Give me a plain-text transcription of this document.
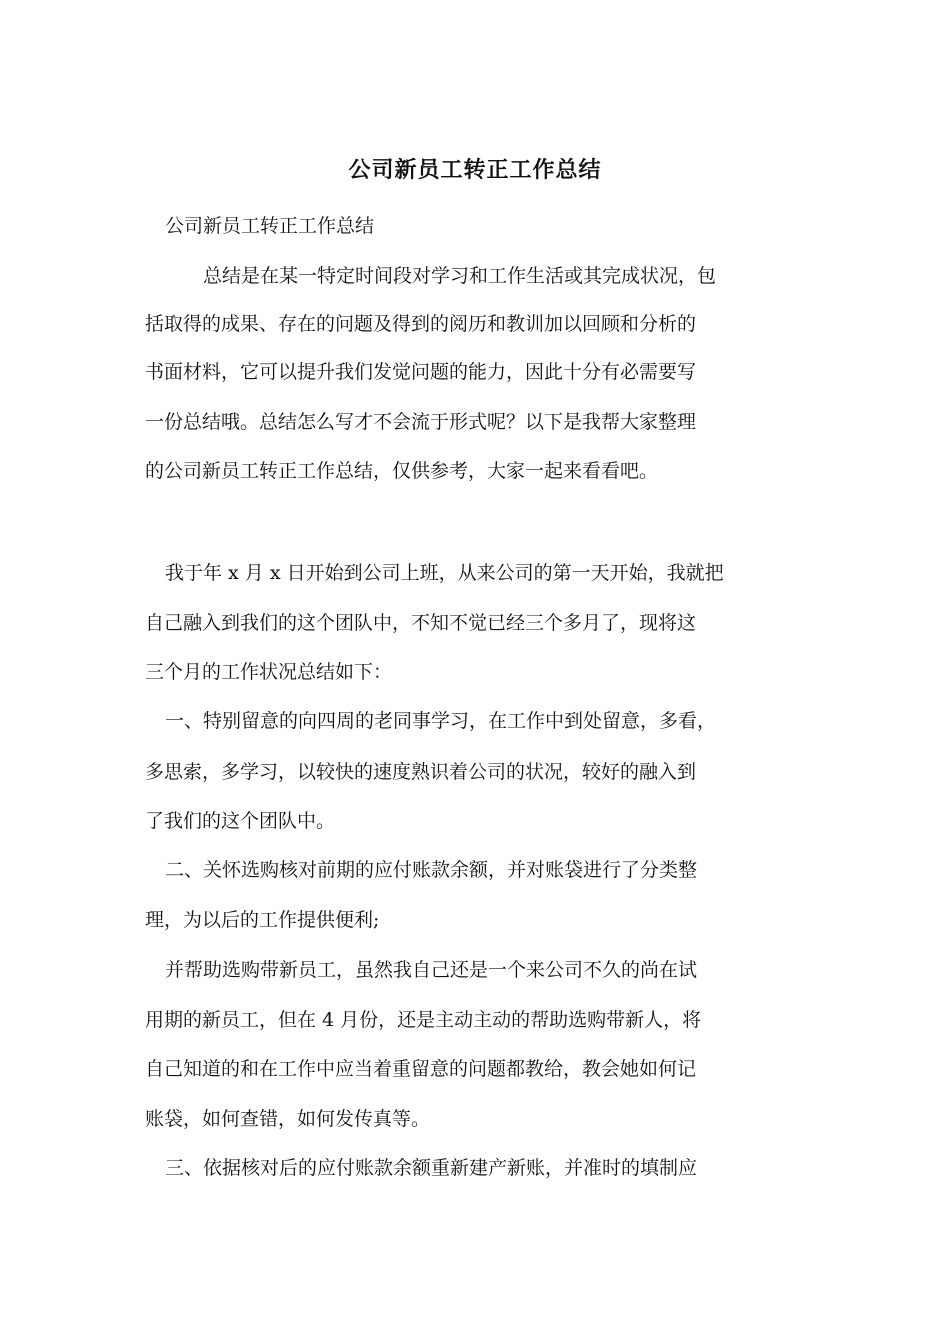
公司新员工转正工作总结
公司新员工转正工作总结
总结是在某一特定时间段对学习和工作生活或其完成状况，包
括取得的成果、存在的问题及得到的阅历和教训加以回顾和分析的
书面材料，它可以提升我们发觉问题的能力，因此十分有必需要写
一份总结哦。总结怎么写才不会流于形式呢？以下是我帮大家整理
的公司新员工转正工作总结，仅供参考，大家一起来看看吧。
我于年 x 月 x 日开始到公司上班，从来公司的第一天开始，我就把
自己融入到我们的这个团队中，不知不觉已经三个多月了，现将这
三个月的工作状况总结如下：
一、特别留意的向四周的老同事学习，在工作中到处留意，多看，
多思索，多学习，以较快的速度熟识着公司的状况，较好的融入到
了我们的这个团队中。
二、关怀选购核对前期的应付账款余额，并对账袋进行了分类整
理，为以后的工作提供便利;
并帮助选购带新员工，虽然我自己还是一个来公司不久的尚在试
用期的新员工，但在 4 月份，还是主动主动的帮助选购带新人，将
自己知道的和在工作中应当着重留意的问题都教给，教会她如何记
账袋，如何查错，如何发传真等。
三、依据核对后的应付账款余额重新建产新账，并准时的填制应
